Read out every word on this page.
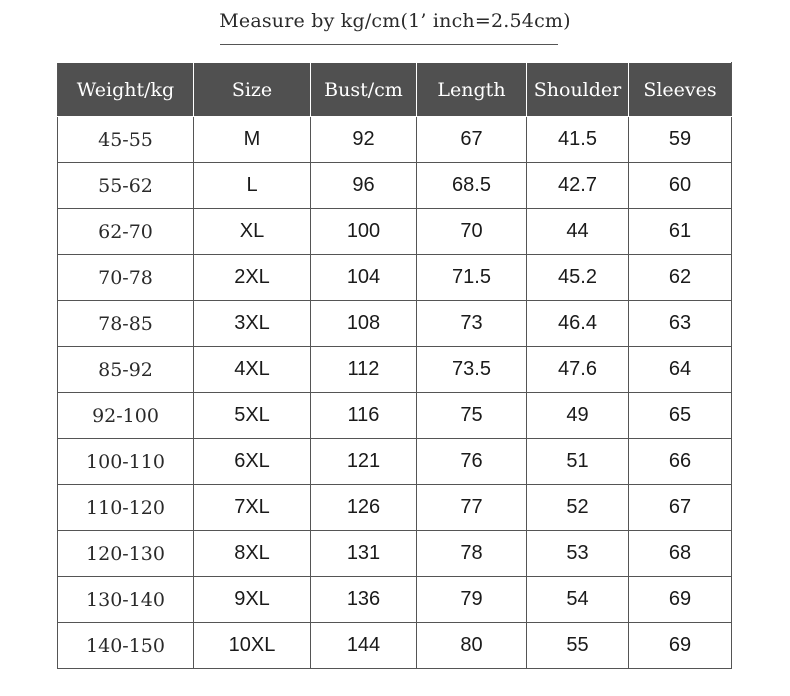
Measure by kg/cm(1’ inch=2.54cm)
Weight/kg	Size	Bust/cm	Length	Shoulder	Sleeves
45-55	M	92	67	41.5	59
55-62	L	96	68.5	42.7	60
62-70	XL	100	70	44	61
70-78	2XL	104	71.5	45.2	62
78-85	3XL	108	73	46.4	63
85-92	4XL	112	73.5	47.6	64
92-100	5XL	116	75	49	65
100-110	6XL	121	76	51	66
110-120	7XL	126	77	52	67
120-130	8XL	131	78	53	68
130-140	9XL	136	79	54	69
140-150	10XL	144	80	55	69
